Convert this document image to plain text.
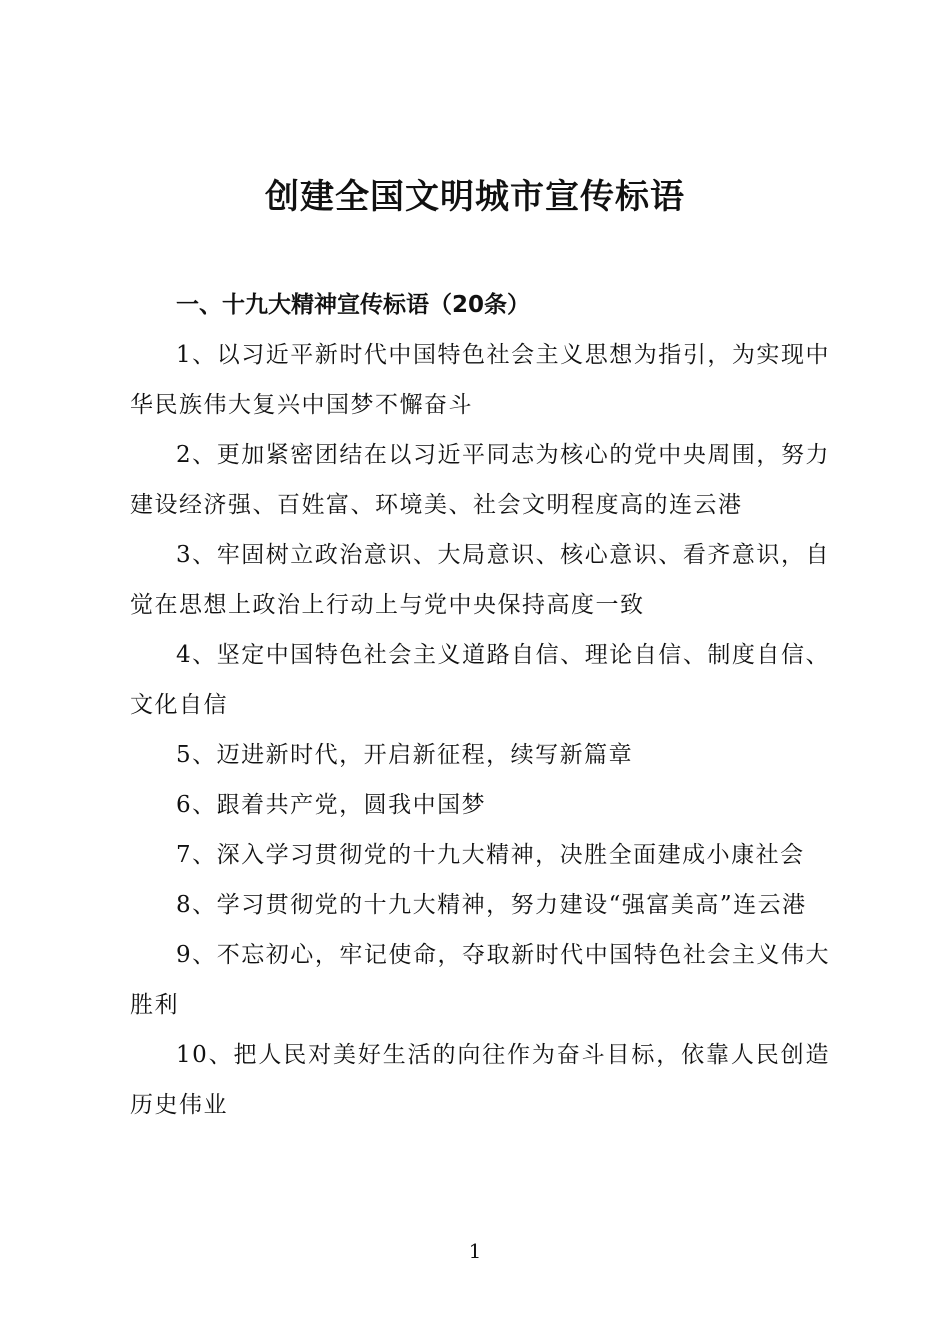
创建全国文明城市宣传标语

一、十九大精神宣传标语（20条）

1、以习近平新时代中国特色社会主义思想为指引，为实现中华民族伟大复兴中国梦不懈奋斗

2、更加紧密团结在以习近平同志为核心的党中央周围，努力建设经济强、百姓富、环境美、社会文明程度高的连云港

3、牢固树立政治意识、大局意识、核心意识、看齐意识，自觉在思想上政治上行动上与党中央保持高度一致

4、坚定中国特色社会主义道路自信、理论自信、制度自信、文化自信

5、迈进新时代，开启新征程，续写新篇章

6、跟着共产党，圆我中国梦

7、深入学习贯彻党的十九大精神，决胜全面建成小康社会

8、学习贯彻党的十九大精神，努力建设“强富美高”连云港

9、不忘初心，牢记使命，夺取新时代中国特色社会主义伟大胜利

10、把人民对美好生活的向往作为奋斗目标，依靠人民创造历史伟业

1
